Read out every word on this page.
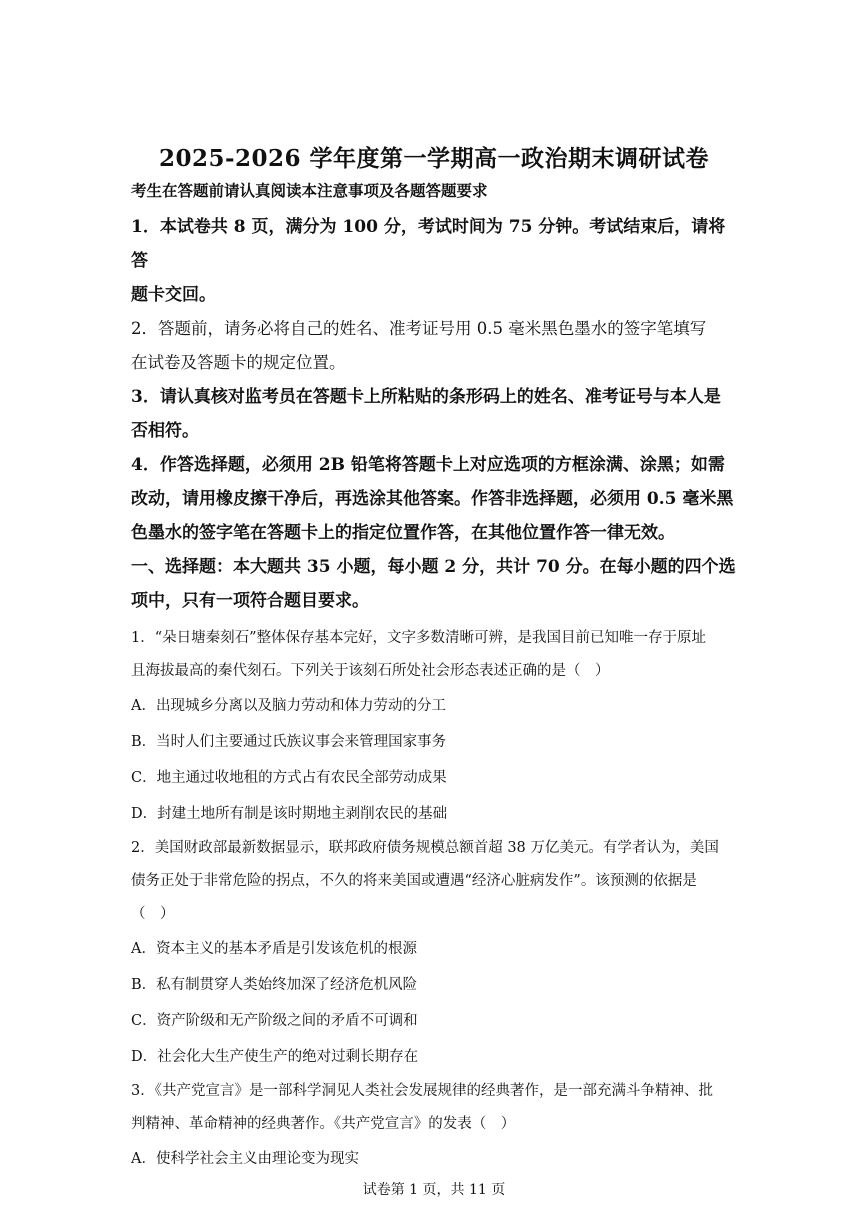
2025-2026 学年度第一学期高一政治期末调研试卷
考生在答题前请认真阅读本注意事项及各题答题要求
1．本试卷共 8 页，满分为 100 分，考试时间为 75 分钟。考试结束后，请将答
题卡交回。
2．答题前，请务必将自己的姓名、准考证号用 0.5 毫米黑色墨水的签字笔填写
在试卷及答题卡的规定位置。
3．请认真核对监考员在答题卡上所粘贴的条形码上的姓名、准考证号与本人是
否相符。
4．作答选择题，必须用 2B 铅笔将答题卡上对应选项的方框涂满、涂黑；如需
改动，请用橡皮擦干净后，再选涂其他答案。作答非选择题，必须用 0.5 毫米黑
色墨水的签字笔在答题卡上的指定位置作答，在其他位置作答一律无效。
一、选择题：本大题共 35 小题，每小题 2 分，共计 70 分。在每小题的四个选
项中，只有一项符合题目要求。
1．“朵日塘秦刻石”整体保存基本完好，文字多数清晰可辨，是我国目前已知唯一存于原址
且海拔最高的秦代刻石。下列关于该刻石所处社会形态表述正确的是（　）
A．出现城乡分离以及脑力劳动和体力劳动的分工
B．当时人们主要通过氏族议事会来管理国家事务
C．地主通过收地租的方式占有农民全部劳动成果
D．封建土地所有制是该时期地主剥削农民的基础
2．美国财政部最新数据显示，联邦政府债务规模总额首超 38 万亿美元。有学者认为，美国
债务正处于非常危险的拐点，不久的将来美国或遭遇“经济心脏病发作”。该预测的依据是
（　）
A．资本主义的基本矛盾是引发该危机的根源
B．私有制贯穿人类始终加深了经济危机风险
C．资产阶级和无产阶级之间的矛盾不可调和
D．社会化大生产使生产的绝对过剩长期存在
3．《共产党宣言》是一部科学洞见人类社会发展规律的经典著作，是一部充满斗争精神、批
判精神、革命精神的经典著作。《共产党宣言》的发表（　）
A．使科学社会主义由理论变为现实
试卷第 1 页，共 11 页
